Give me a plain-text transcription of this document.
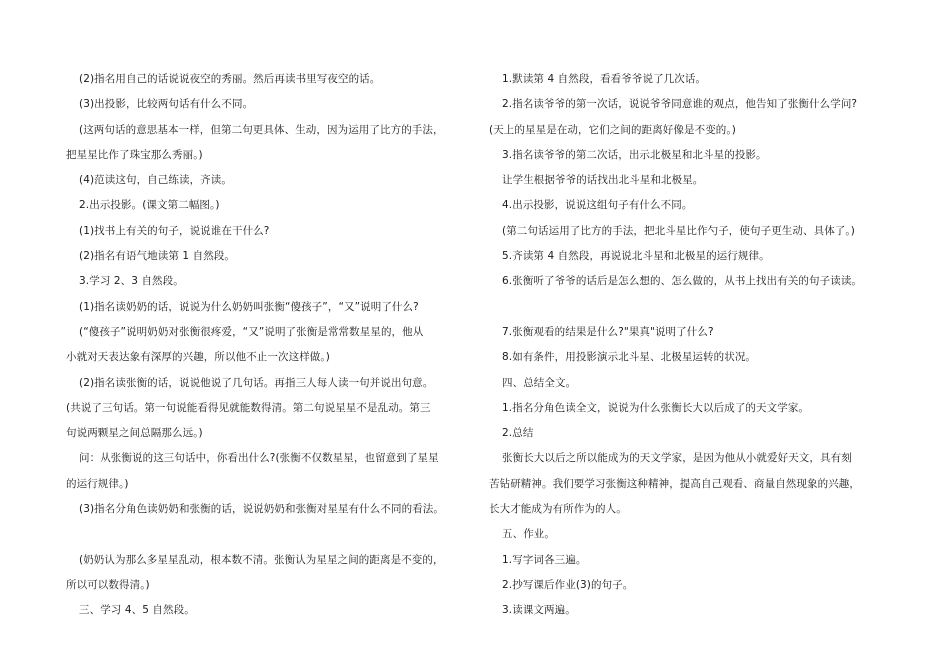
(2)指名用自己的话说说夜空的秀丽。然后再读书里写夜空的话。
(3)出投影，比较两句话有什么不同。
(这两句话的意思基本一样，但第二句更具体、生动，因为运用了比方的手法，
把星星比作了珠宝那么秀丽。)
(4)范读这句，自己练读，齐读。
2.出示投影。(课文第二幅图。)
(1)找书上有关的句子，说说谁在干什么?
(2)指名有语气地读第 1 自然段。
3.学习 2、3 自然段。
(1)指名读奶奶的话，说说为什么奶奶叫张衡“傻孩子”，“又”说明了什么?
(“傻孩子”说明奶奶对张衡很疼爱，“又”说明了张衡是常常数星星的，他从
小就对天表达象有深厚的兴趣，所以他不止一次这样做。)
(2)指名读张衡的话，说说他说了几句话。再指三人每人读一句并说出句意。
(共说了三句话。第一句说能看得见就能数得清。第二句说星星不是乱动。第三
句说两颗星之间总隔那么远。)
问：从张衡说的这三句话中，你看出什么?(张衡不仅数星星，也留意到了星星
的运行规律。)
(3)指名分角色读奶奶和张衡的话，说说奶奶和张衡对星星有什么不同的看法。
(奶奶认为那么多星星乱动，根本数不清。张衡认为星星之间的距离是不变的，
所以可以数得清。)
三、学习 4、5 自然段。
1.默读第 4 自然段，看看爷爷说了几次话。
2.指名读爷爷的第一次话，说说爷爷同意谁的观点，他告知了张衡什么学问?
(天上的星星是在动，它们之间的距离好像是不变的。)
3.指名读爷爷的第二次话，出示北极星和北斗星的投影。
让学生根据爷爷的话找出北斗星和北极星。
4.出示投影，说说这组句子有什么不同。
(第二句话运用了比方的手法，把北斗星比作勺子，使句子更生动、具体了。)
5.齐读第 4 自然段，再说说北斗星和北极星的运行规律。
6.张衡听了爷爷的话后是怎么想的、怎么做的，从书上找出有关的句子读读。
7.张衡观看的结果是什么?"果真"说明了什么?
8.如有条件，用投影演示北斗星、北极星运转的状况。
四、总结全文。
1.指名分角色读全文，说说为什么张衡长大以后成了的天文学家。
2.总结
张衡长大以后之所以能成为的天文学家，是因为他从小就爱好天文，具有刻
苦钻研精神。我们要学习张衡这种精神，提高自己观看、商量自然现象的兴趣，
长大才能成为有所作为的人。
五、作业。
1.写字词各三遍。
2.抄写课后作业(3)的句子。
3.读课文两遍。
